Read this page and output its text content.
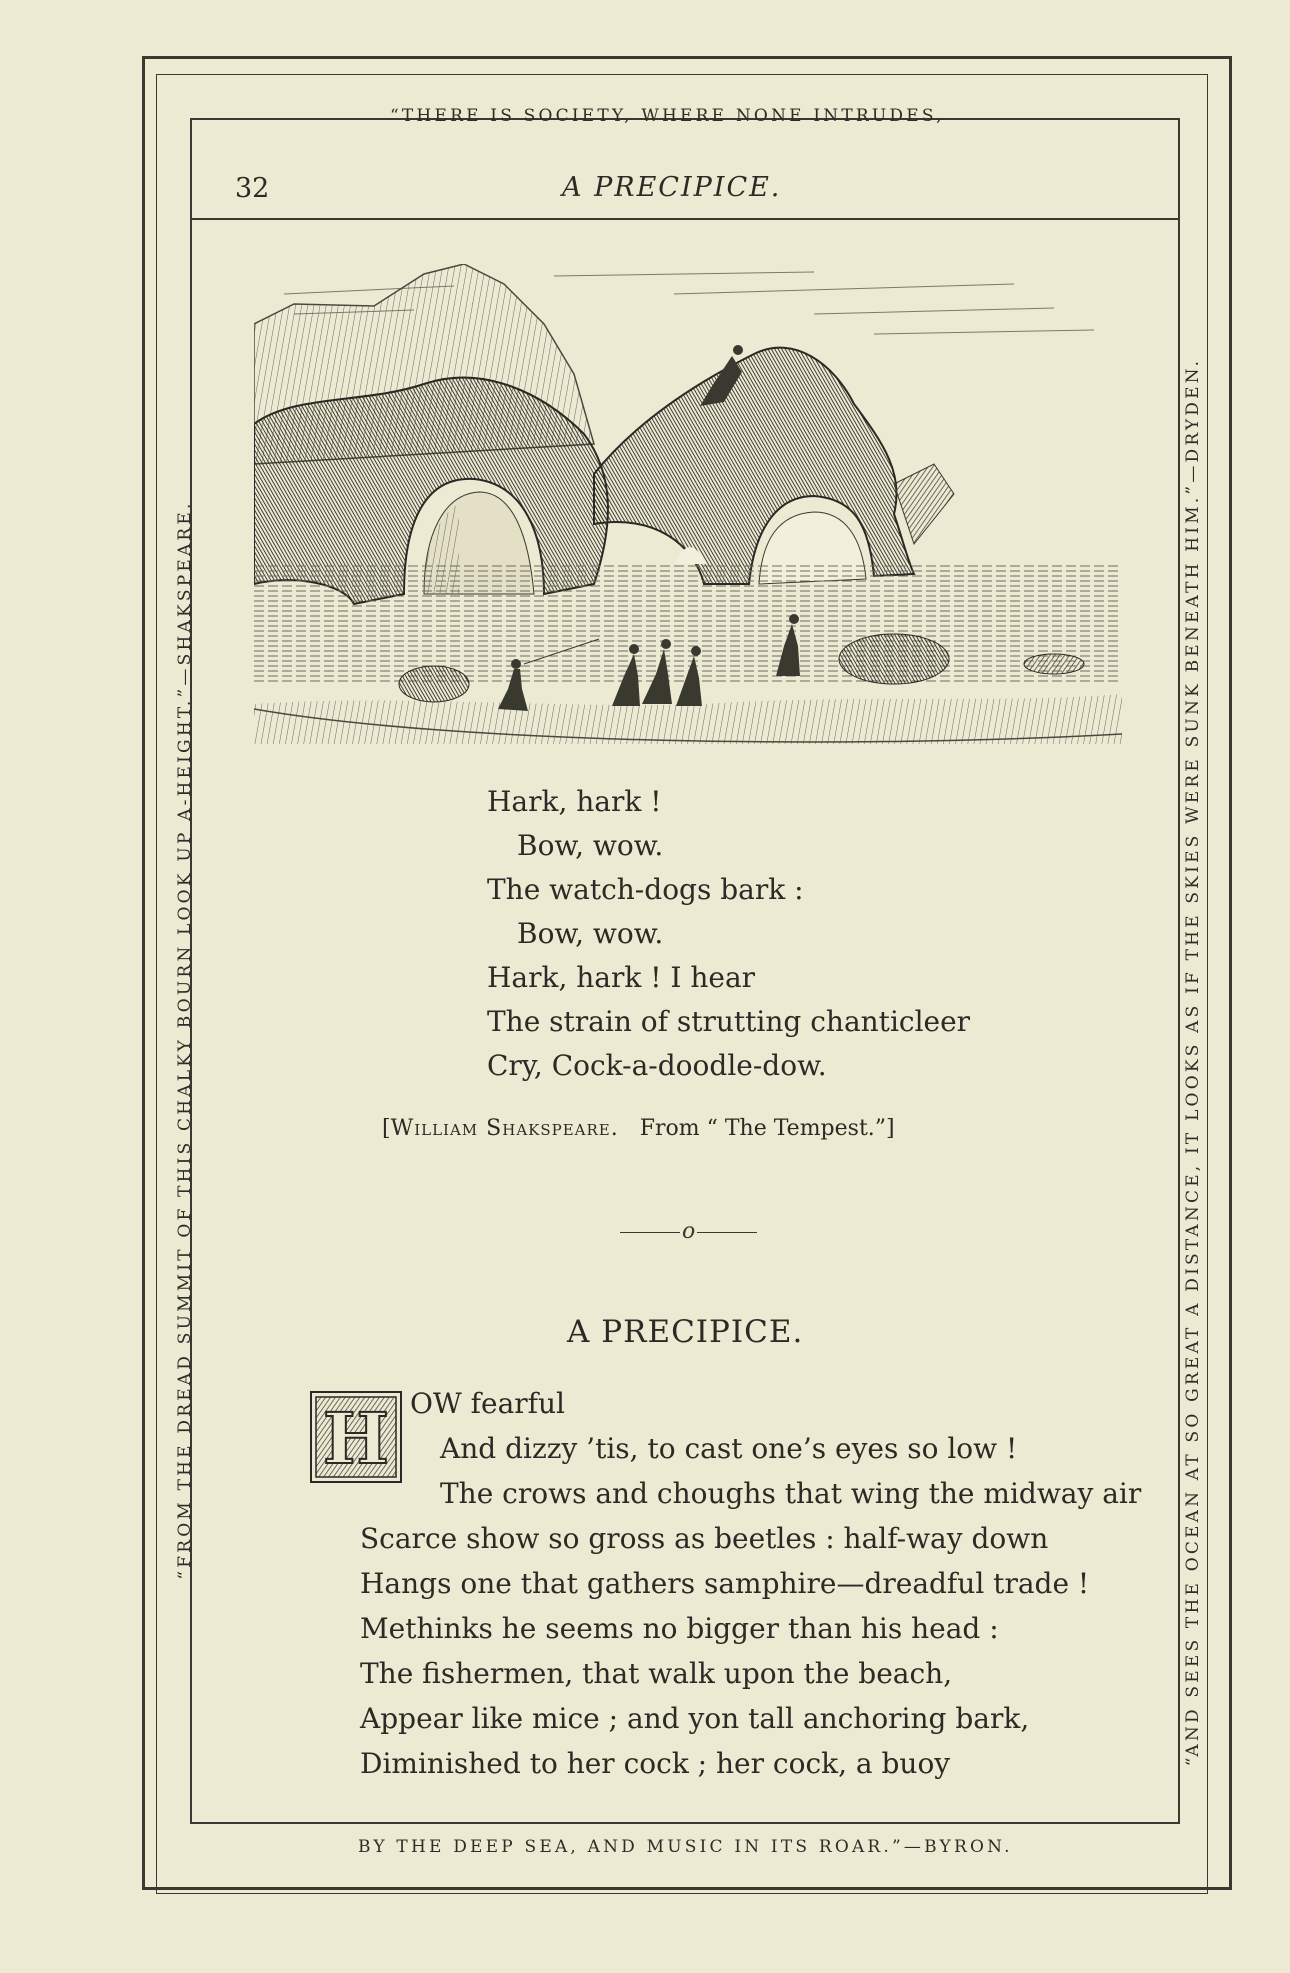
“THERE IS SOCIETY, WHERE NONE INTRUDES,
BY THE DEEP SEA, AND MUSIC IN ITS ROAR.”—BYRON.
“FROM THE DREAD SUMMIT OF THIS CHALKY BOURN LOOK UP A-HEIGHT.”—SHAKSPEARE.	“AND SEES THE OCEAN AT SO GREAT A DISTANCE, IT LOOKS AS IF THE SKIES WERE SUNK BENEATH HIM.”—DRYDEN.
32	A PRECIPICE.
Hark, hark !
Bow, wow.
The watch-dogs bark :
Bow, wow.
Hark, hark ! I hear
The strain of strutting chanticleer
Cry, Cock-a-doodle-dow.
[William Shakspeare. From “ The Tempest.”]
o
A PRECIPICE.
H OW fearful
And dizzy ’tis, to cast one’s eyes so low !
The crows and choughs that wing the midway air
Scarce show so gross as beetles : half-way down
Hangs one that gathers samphire—dreadful trade !
Methinks he seems no bigger than his head :
The fishermen, that walk upon the beach,
Appear like mice ; and yon tall anchoring bark,
Diminished to her cock ; her cock, a buoy
